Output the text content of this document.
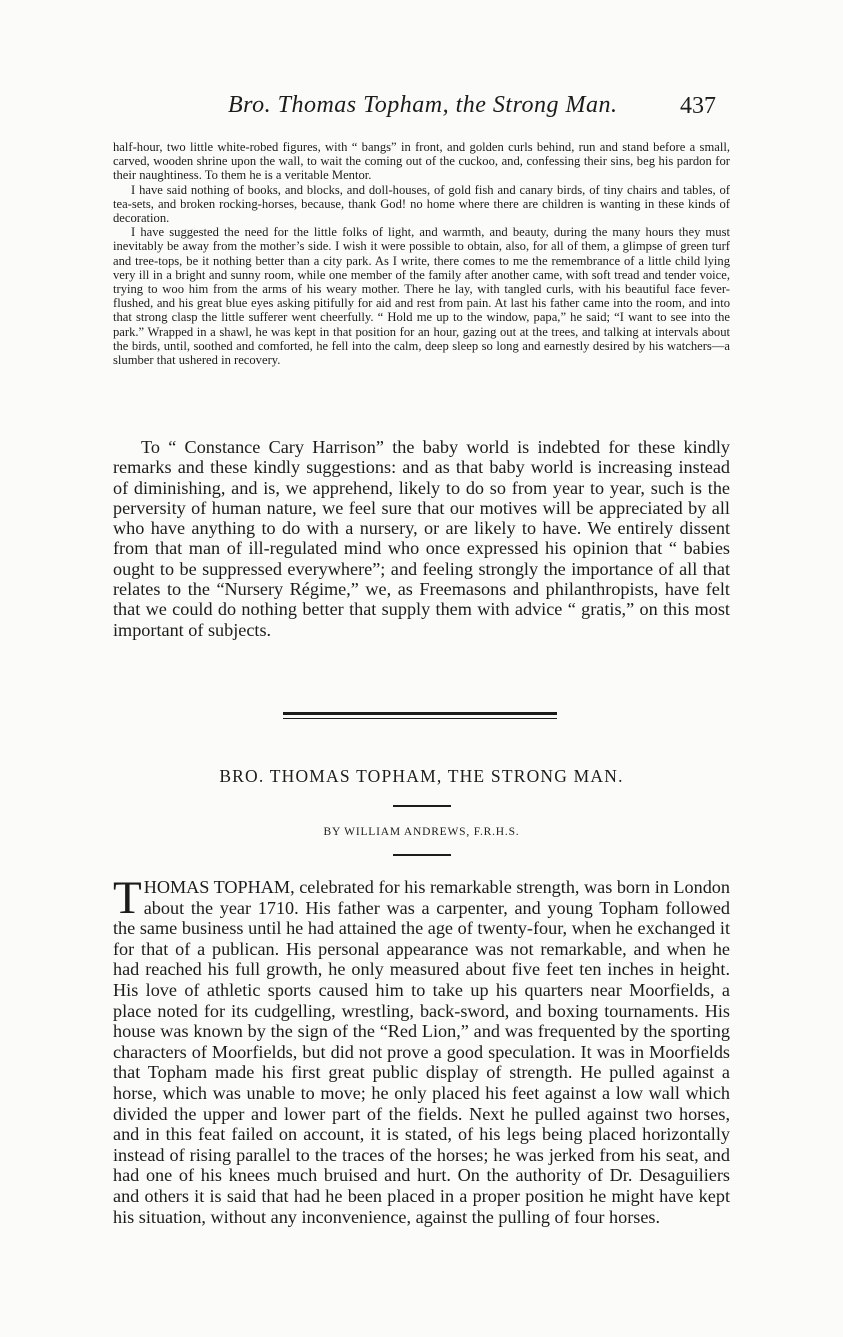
Bro. Thomas Topham, the Strong Man.	437

half-hour, two little white-robed figures, with “ bangs” in front, and golden curls behind, run and stand before a small, carved, wooden shrine upon the wall, to wait the coming out of the cuckoo, and, confessing their sins, beg his pardon for their naughtiness. To them he is a veritable Mentor.

I have said nothing of books, and blocks, and doll-houses, of gold fish and canary birds, of tiny chairs and tables, of tea-sets, and broken rocking-horses, because, thank God! no home where there are children is wanting in these kinds of decoration.

I have suggested the need for the little folks of light, and warmth, and beauty, during the many hours they must inevitably be away from the mother’s side. I wish it were possible to obtain, also, for all of them, a glimpse of green turf and tree-tops, be it nothing better than a city park. As I write, there comes to me the remembrance of a little child lying very ill in a bright and sunny room, while one member of the family after another came, with soft tread and tender voice, trying to woo him from the arms of his weary mother. There he lay, with tangled curls, with his beautiful face fever-flushed, and his great blue eyes asking pitifully for aid and rest from pain. At last his father came into the room, and into that strong clasp the little sufferer went cheerfully. “ Hold me up to the window, papa,” he said; “I want to see into the park.” Wrapped in a shawl, he was kept in that position for an hour, gazing out at the trees, and talking at intervals about the birds, until, soothed and comforted, he fell into the calm, deep sleep so long and earnestly desired by his watchers—a slumber that ushered in recovery.

To “ Constance Cary Harrison” the baby world is indebted for these kindly remarks and these kindly suggestions: and as that baby world is increasing instead of diminishing, and is, we apprehend, likely to do so from year to year, such is the perversity of human nature, we feel sure that our motives will be appreciated by all who have anything to do with a nursery, or are likely to have. We entirely dissent from that man of ill-regulated mind who once expressed his opinion that “ babies ought to be suppressed everywhere”; and feeling strongly the importance of all that relates to the “Nursery Régime,” we, as Freemasons and philanthropists, have felt that we could do nothing better that supply them with advice “ gratis,” on this most important of subjects.

BRO. THOMAS TOPHAM, THE STRONG MAN.
BY WILLIAM ANDREWS, F.R.H.S.

THOMAS TOPHAM, celebrated for his remarkable strength, was born in London about the year 1710. His father was a carpenter, and young Topham followed the same business until he had attained the age of twenty-four, when he exchanged it for that of a publican. His personal appearance was not remarkable, and when he had reached his full growth, he only measured about five feet ten inches in height. His love of athletic sports caused him to take up his quarters near Moorfields, a place noted for its cudgelling, wrestling, back-sword, and boxing tournaments. His house was known by the sign of the “Red Lion,” and was frequented by the sporting characters of Moorfields, but did not prove a good speculation. It was in Moorfields that Topham made his first great public display of strength. He pulled against a horse, which was unable to move; he only placed his feet against a low wall which divided the upper and lower part of the fields. Next he pulled against two horses, and in this feat failed on account, it is stated, of his legs being placed horizontally instead of rising parallel to the traces of the horses; he was jerked from his seat, and had one of his knees much bruised and hurt. On the authority of Dr. Desaguiliers and others it is said that had he been placed in a proper position he might have kept his situation, without any inconvenience, against the pulling of four horses.
